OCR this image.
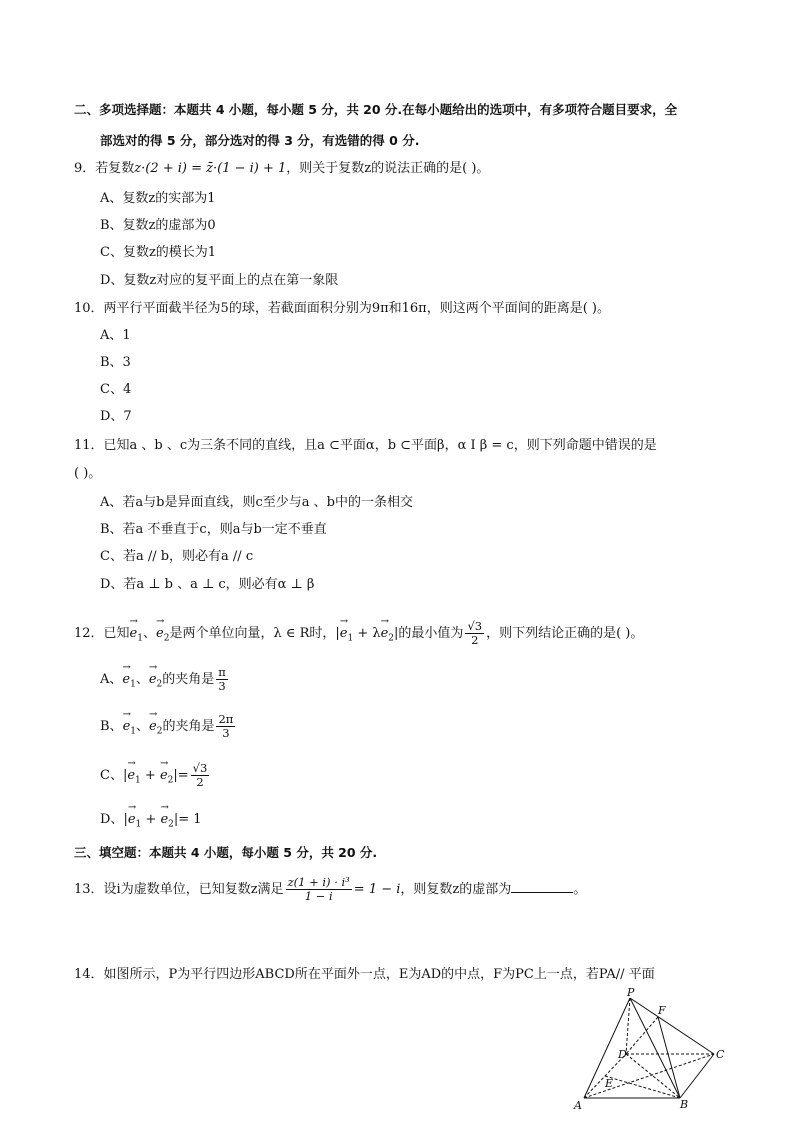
二、多项选择题：本题共 4 小题，每小题 5 分，共 20 分.在每小题给出的选项中，有多项符合题目要求，全
部选对的得 5 分，部分选对的得 3 分，有选错的得 0 分.
9．若复数z·(2 + i) = z̄·(1 − i) + 1，则关于复数z的说法正确的是( )。
A、复数z的实部为1
B、复数z的虚部为0
C、复数z的模长为1
D、复数z对应的复平面上的点在第一象限
10．两平行平面截半径为5的球，若截面面积分别为9π和16π，则这两个平面间的距离是( )。
A、1
B、3
C、4
D、7
11．已知a 、b 、c为三条不同的直线，且a ⊂平面α，b ⊂平面β，α I β = c，则下列命题中错误的是
( )。
A、若a与b是异面直线，则c至少与a 、b中的一条相交
B、若a 不垂直于c，则a与b一定不垂直
C、若a // b，则必有a // c
D、若a ⊥ b 、a ⊥ c，则必有α ⊥ β
12．已知→ $e_1$、→ $e_2$是两个单位向量，λ ∈ R时，|→ $e_1 + \lambda\to e_2|$的最小值为 $\frac{√3}{2}$ ，则下列结论正确的是( )。
A、→ $e_1$、→ $e_2$的夹角是 $\frac{\pi}{3}$
B、→ $e_1$、→ $e_2$的夹角是 $\frac{2\pi}{3}$
C、|→ $e_1$ + → $e_2|= \frac{√3}{2}$
D、|→ $e_1$ + → $e_2|= 1$
三、填空题：本题共 4 小题，每小题 5 分，共 20 分.
13．设i为虚数单位，已知复数z满足 $\frac{\text{z(1 + i) · i³}}{1 - i} = 1 - i$，则复数z的虚部为	。
14．如图所示，P为平行四边形ABCD所在平面外一点，E为AD的中点，F为PC上一点，若PA// 平面
P
F
D	C
E
A	B
